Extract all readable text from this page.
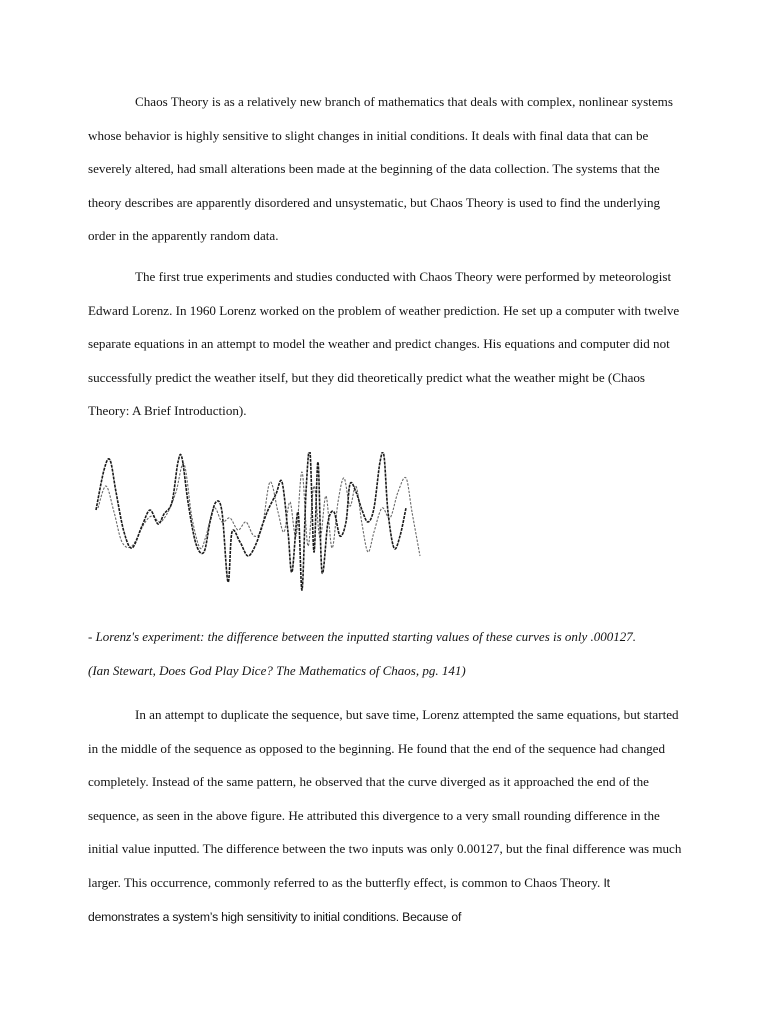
Chaos Theory is as a relatively new branch of mathematics that deals with complex, nonlinear systems whose behavior is highly sensitive to slight changes in initial conditions. It deals with final data that can be severely altered, had small alterations been made at the beginning of the data collection. The systems that the theory describes are apparently disordered and unsystematic, but Chaos Theory is used to find the underlying order in the apparently random data.

The first true experiments and studies conducted with Chaos Theory were performed by meteorologist Edward Lorenz. In 1960 Lorenz worked on the problem of weather prediction. He set up a computer with twelve separate equations in an attempt to model the weather and predict changes. His equations and computer did not successfully predict the weather itself, but they did theoretically predict what the weather might be (Chaos Theory: A Brief Introduction).

- Lorenz's experiment: the difference between the inputted starting values of these curves is only .000127.

(Ian Stewart, Does God Play Dice? The Mathematics of Chaos, pg. 141)

In an attempt to duplicate the sequence, but save time, Lorenz attempted the same equations, but started in the middle of the sequence as opposed to the beginning. He found that the end of the sequence had changed completely. Instead of the same pattern, he observed that the curve diverged as it approached the end of the sequence, as seen in the above figure. He attributed this divergence to a very small rounding difference in the initial value inputted. The difference between the two inputs was only 0.00127, but the final difference was much larger. This occurrence, commonly referred to as the butterfly effect, is common to Chaos Theory. It demonstrates a system’s high sensitivity to initial conditions. Because of
